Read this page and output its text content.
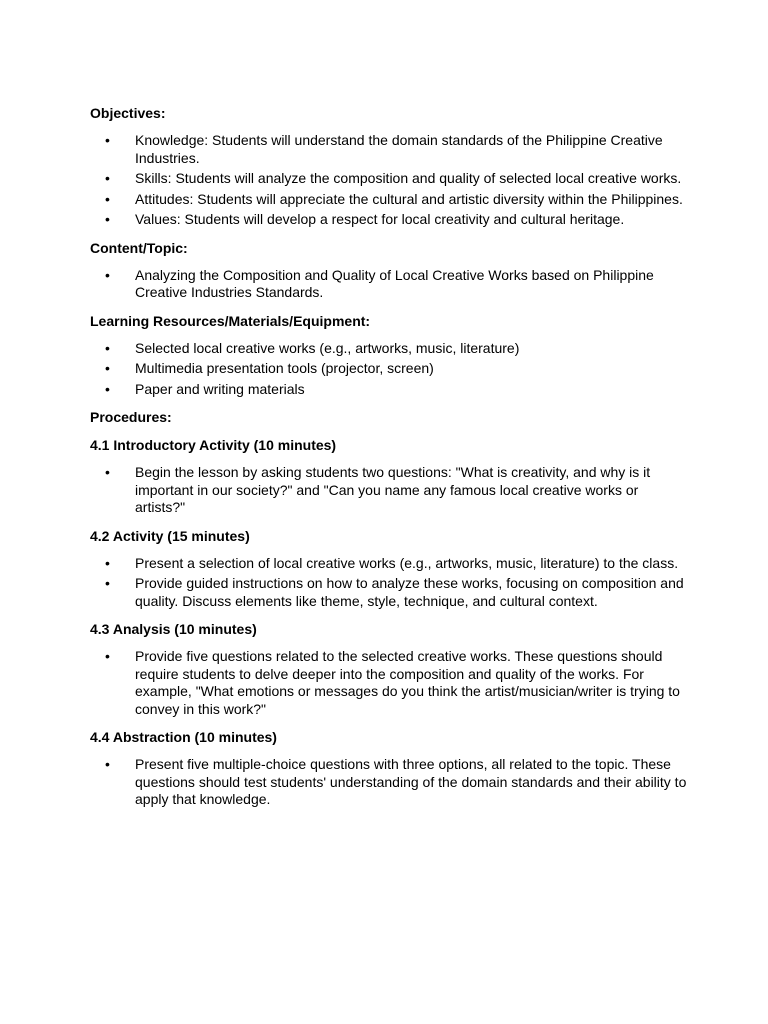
Objectives:
• Knowledge: Students will understand the domain standards of the Philippine Creative Industries.
• Skills: Students will analyze the composition and quality of selected local creative works.
• Attitudes: Students will appreciate the cultural and artistic diversity within the Philippines.
• Values: Students will develop a respect for local creativity and cultural heritage.
Content/Topic:
• Analyzing the Composition and Quality of Local Creative Works based on Philippine Creative Industries Standards.
Learning Resources/Materials/Equipment:
• Selected local creative works (e.g., artworks, music, literature)
• Multimedia presentation tools (projector, screen)
• Paper and writing materials
Procedures:
4.1 Introductory Activity (10 minutes)
• Begin the lesson by asking students two questions: "What is creativity, and why is it important in our society?" and "Can you name any famous local creative works or artists?"
4.2 Activity (15 minutes)
• Present a selection of local creative works (e.g., artworks, music, literature) to the class.
• Provide guided instructions on how to analyze these works, focusing on composition and quality. Discuss elements like theme, style, technique, and cultural context.
4.3 Analysis (10 minutes)
• Provide five questions related to the selected creative works. These questions should require students to delve deeper into the composition and quality of the works. For example, "What emotions or messages do you think the artist/musician/writer is trying to convey in this work?"
4.4 Abstraction (10 minutes)
• Present five multiple-choice questions with three options, all related to the topic. These questions should test students' understanding of the domain standards and their ability to apply that knowledge.
